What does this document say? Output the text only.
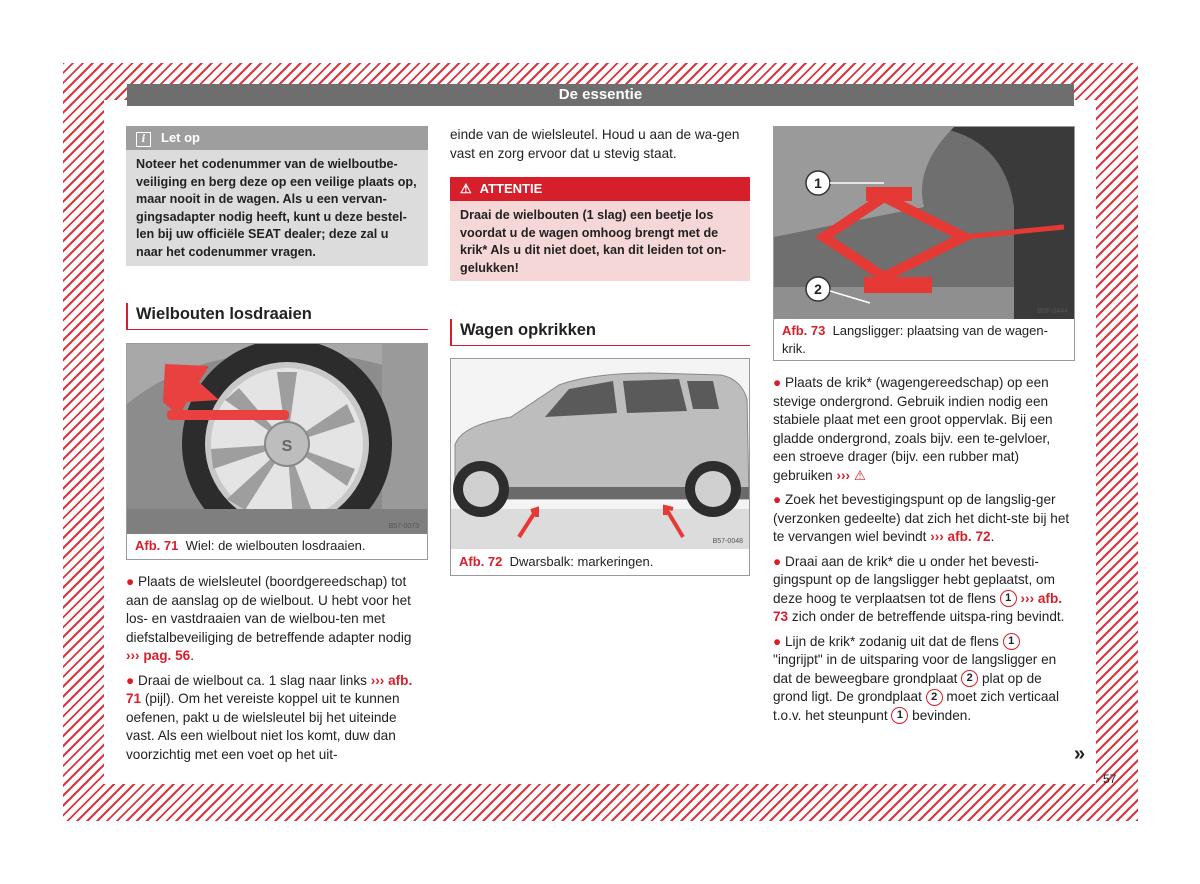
De essentie
i Let op
Noteer het codenummer van de wielboutbe-veiliging en berg deze op een veilige plaats op, maar nooit in de wagen. Als u een vervan-gingsadapter nodig heeft, kunt u deze bestel-len bij uw officiële SEAT dealer; deze zal u naar het codenummer vragen.
Wielbouten losdraaien
S
B57-0073
Afb. 71 Wiel: de wielbouten losdraaien.

● Plaats de wielsleutel (boordgereedschap) tot aan de aanslag op de wielbout. U hebt voor het los- en vastdraaien van de wielbou-ten met diefstalbeveiliging de betreffende adapter nodig ››› pag. 56.

● Draai de wielbout ca. 1 slag naar links ››› afb. 71 (pijl). Om het vereiste koppel uit te kunnen oefenen, pakt u de wielsleutel bij het uiteinde vast. Als een wielbout niet los komt, duw dan voorzichtig met een voet op het uit-

einde van de wielsleutel. Houd u aan de wa-gen vast en zorg ervoor dat u stevig staat.
⚠ ATTENTIE
Draai de wielbouten (1 slag) een beetje los voordat u de wagen omhoog brengt met de krik* Als u dit niet doet, kan dit leiden tot on-gelukken!
Wagen opkrikken
B57-0048
Afb. 72 Dwarsbalk: markeringen.
1
2
B5F-0444
Afb. 73 Langsligger: plaatsing van de wagen-krik.

● Plaats de krik* (wagengereedschap) op een stevige ondergrond. Gebruik indien nodig een stabiele plaat met een groot oppervlak. Bij een gladde ondergrond, zoals bijv. een te-gelvloer, een stroeve drager (bijv. een rubber mat) gebruiken ››› ⚠

● Zoek het bevestigingspunt op de langslig-ger (verzonken gedeelte) dat zich het dicht-ste bij het te vervangen wiel bevindt ››› afb. 72.

● Draai aan de krik* die u onder het bevesti-gingspunt op de langsligger hebt geplaatst, om deze hoog te verplaatsen tot de flens 1 ››› afb. 73 zich onder de betreffende uitspa-ring bevindt.

● Lijn de krik* zodanig uit dat de flens 1 "ingrijpt" in de uitsparing voor de langsligger en dat de beweegbare grondplaat 2 plat op de grond ligt. De grondplaat 2 moet zich verticaal t.o.v. het steunpunt 1 bevinden.

»
57
